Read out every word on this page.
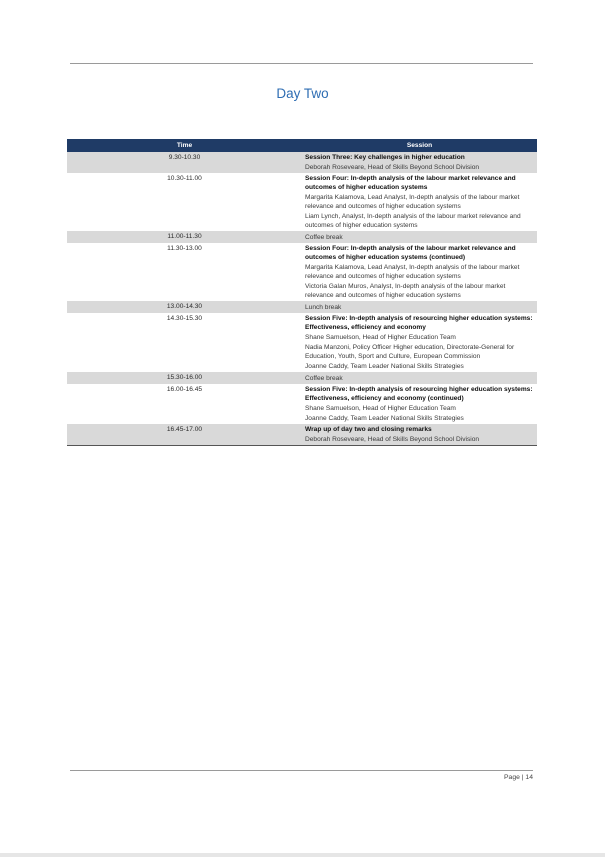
Day Two
Time	Session
9.30-10.30	Session Three: Key challenges in higher education
Deborah Roseveare, Head of Skills Beyond School Division

10.30-11.00	Session Four: In-depth analysis of the labour market relevance and outcomes of higher education systems
Margarita Kalamova, Lead Analyst, In-depth analysis of the labour market relevance and outcomes of higher education systems
Liam Lynch, Analyst, In-depth analysis of the labour market relevance and outcomes of higher education systems

11.00-11.30	Coffee break

11.30-13.00	Session Four: In-depth analysis of the labour market relevance and outcomes of higher education systems (continued)
Margarita Kalamova, Lead Analyst, In-depth analysis of the labour market relevance and outcomes of higher education systems
Victoria Galan Muros, Analyst, In-depth analysis of the labour market relevance and outcomes of higher education systems

13.00-14.30	Lunch break

14.30-15.30	Session Five: In-depth analysis of resourcing higher education systems: Effectiveness, efficiency and economy
Shane Samuelson, Head of Higher Education Team
Nadia Manzoni, Policy Officer Higher education, Directorate-General for Education, Youth, Sport and Culture, European Commission
Joanne Caddy, Team Leader National Skills Strategies

15.30-16.00	Coffee break

16.00-16.45	Session Five: In-depth analysis of resourcing higher education systems: Effectiveness, efficiency and economy (continued)
Shane Samuelson, Head of Higher Education Team
Joanne Caddy, Team Leader National Skills Strategies

16.45-17.00	Wrap up of day two and closing remarks
Deborah Roseveare, Head of Skills Beyond School Division
Page | 14
